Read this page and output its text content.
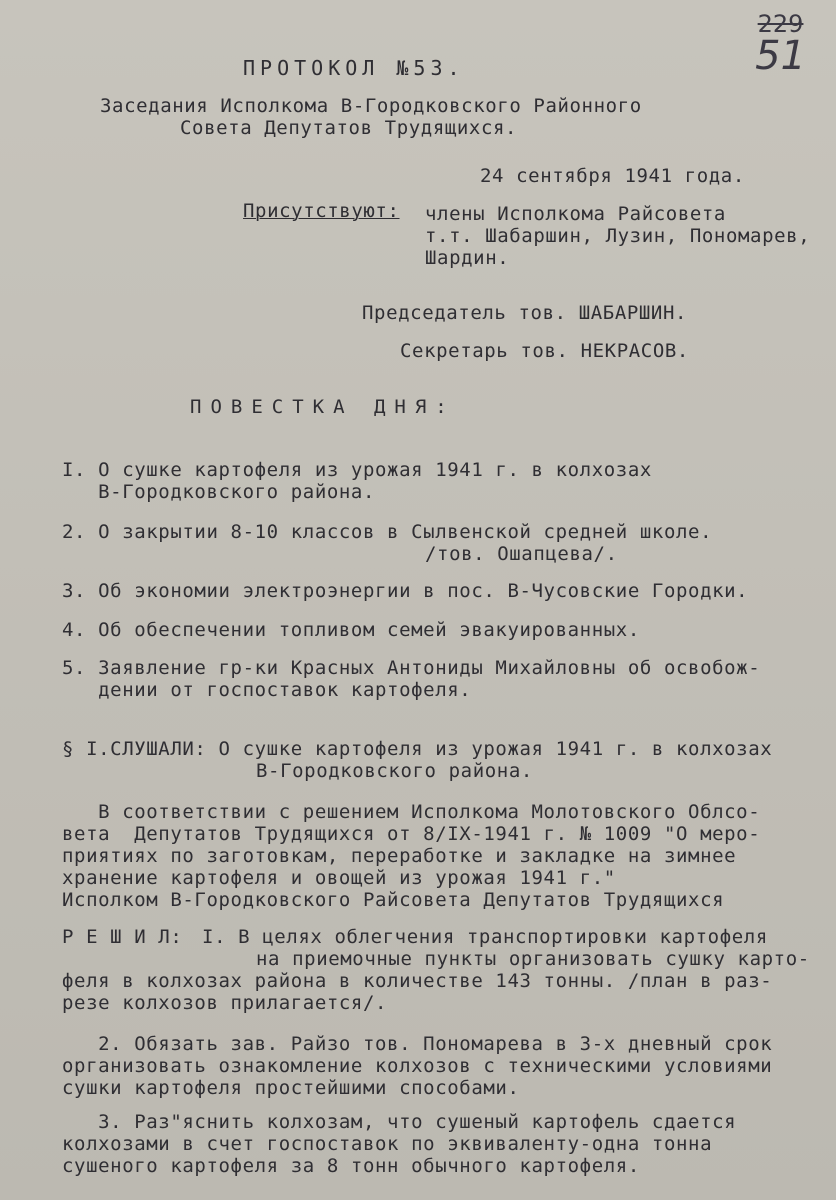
229
51
ПРОТОКОЛ №53.
Заседания Исполкома В-Городковского Районного
Совета Депутатов Трудящихся.
24 сентября 1941 года.
Присутствуют: члены Исполкома Райсовета
т.т. Шабаршин, Лузин, Пономарев,
Шардин.
Председатель тов. ШАБАРШИН.
Секретарь тов. НЕКРАСОВ.
ПОВЕСТКА ДНЯ:
I. О сушке картофеля из урожая 1941 г. в колхозах
В-Городковского района.
2. О закрытии 8-10 классов в Сылвенской средней школе.
/тов. Ошапцева/.
3. Об экономии электроэнергии в пос. В-Чусовские Городки.
4. Об обеспечении топливом семей эвакуированных.
5. Заявление гр-ки Красных Антониды Михайловны об освобож-
дении от госпоставок картофеля.
§ I.СЛУШАЛИ: О сушке картофеля из урожая 1941 г. в колхозах
В-Городковского района.
В соответствии с решением Исполкома Молотовского Облсо-
вета  Депутатов Трудящихся от 8/IX-1941 г. № 1009 "О меро-
приятиях по заготовкам, переработке и закладке на зимнее
хранение картофеля и овощей из урожая 1941 г."
Исполком В-Городковского Райсовета Депутатов Трудящихся
Р Е Ш И Л: I. В целях облегчения транспортировки картофеля
на приемочные пункты организовать сушку карто-
феля в колхозах района в количестве 143 тонны. /план в раз-
резе колхозов прилагается/.
2. Обязать зав. Райзо тов. Пономарева в 3-х дневный срок
организовать ознакомление колхозов с техническими условиями
сушки картофеля простейшими способами.
3. Раз"яснить колхозам, что сушеный картофель сдается
колхозами в счет госпоставок по эквиваленту-одна тонна
сушеного картофеля за 8 тонн обычного картофеля.
